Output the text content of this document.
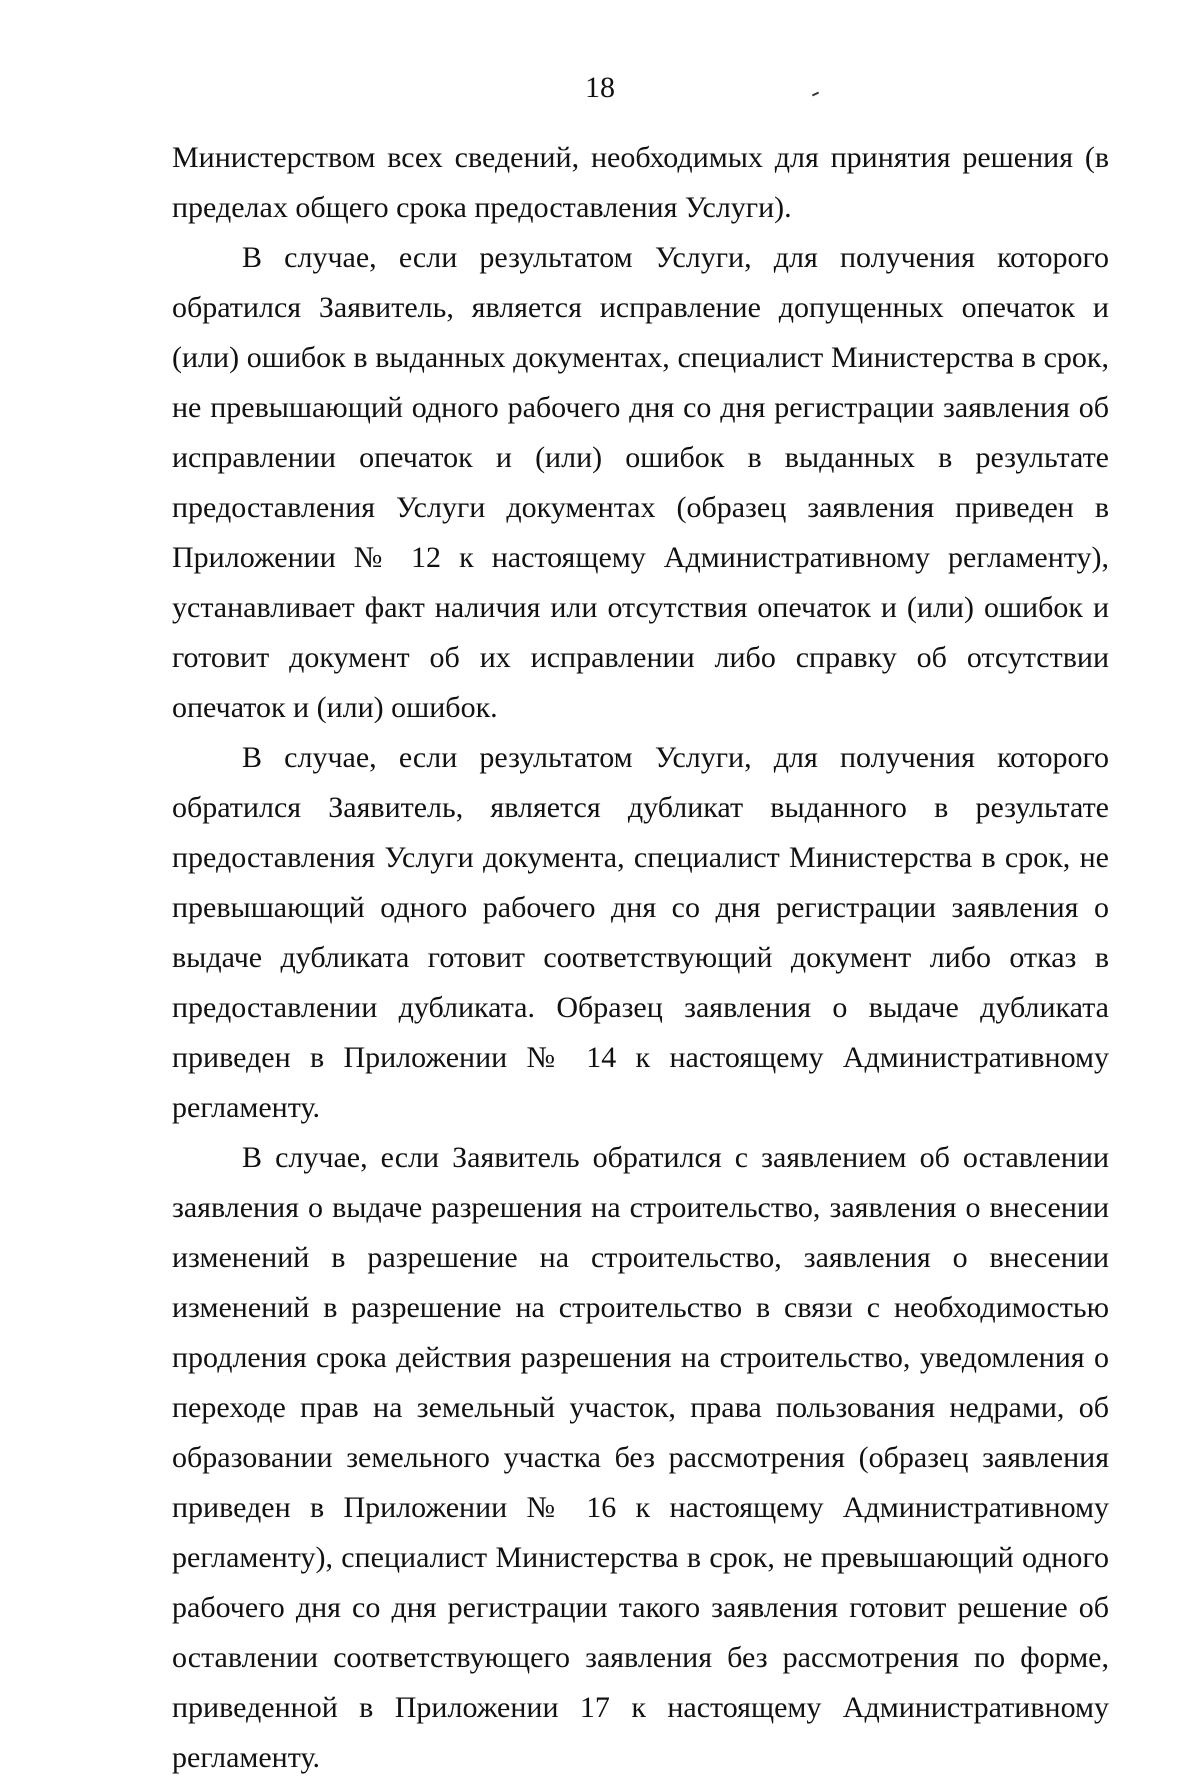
18

Министерством всех сведений, необходимых для принятия решения (в пределах общего срока предоставления Услуги).

В случае, если результатом Услуги, для получения которого обратился Заявитель, является исправление допущенных опечаток и (или) ошибок в выданных документах, специалист Министерства в срок, не превышающий одного рабочего дня со дня регистрации заявления об исправлении опечаток и (или) ошибок в выданных в результате предоставления Услуги документах (образец заявления приведен в Приложении № 12 к настоящему Административному регламенту), устанавливает факт наличия или отсутствия опечаток и (или) ошибок и готовит документ об их исправлении либо справку об отсутствии опечаток и (или) ошибок.

В случае, если результатом Услуги, для получения которого обратился Заявитель, является дубликат выданного в результате предоставления Услуги документа, специалист Министерства в срок, не превышающий одного рабочего дня со дня регистрации заявления о выдаче дубликата готовит соответствующий документ либо отказ в предоставлении дубликата. Образец заявления о выдаче дубликата приведен в Приложении № 14 к настоящему Административному регламенту.

В случае, если Заявитель обратился с заявлением об оставлении заявления о выдаче разрешения на строительство, заявления о внесении изменений в разрешение на строительство, заявления о внесении изменений в разрешение на строительство в связи с необходимостью продления срока действия разрешения на строительство, уведомления о переходе прав на земельный участок, права пользования недрами, об образовании земельного участка без рассмотрения (образец заявления приведен в Приложении № 16 к настоящему Административному регламенту), специалист Министерства в срок, не превышающий одного рабочего дня со дня регистрации такого заявления готовит решение об оставлении соответствующего заявления без рассмотрения по форме, приведенной в Приложении 17 к настоящему Административному регламенту.
